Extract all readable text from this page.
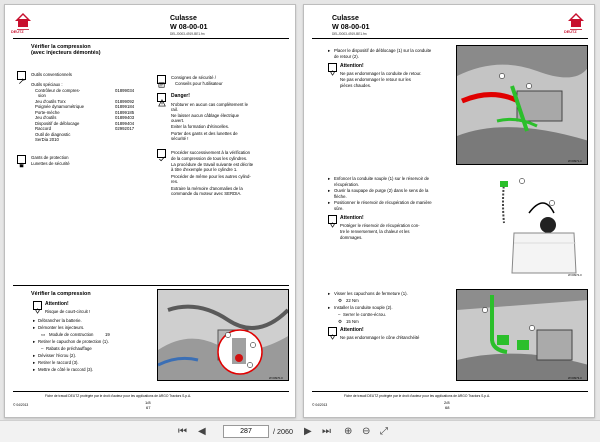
DEUTZ
Culasse
W 08-00-01
DELJ0003-4919-BE1.fm
Vérifier la compression
(avec injecteurs démontés)
Outils conventionnels
Outils spéciaux :
Contrôleur de compres-	01899034
sion
Jeu d'outils Torx	01899092
Poignée dynamométrique	01899184
Porte-mèche	01899185
Jeu d'outils	01899403
Dispositif de déblocage	01899404
Raccord	02992017
Outil de diagnostic
SerDia 2010
Gants de protection
Lunettes de sécurité
Consignes de sécurité /
Conseils pour l'utilisateur
Danger!
N'obturer en aucun cas complètement le
rail.
Ne laisser aucun câblage électrique
ouvert.
Eviter la formation d'étincelles.
Porter des gants et des lunettes de
sécurité !
Procéder successivement à la vérification
de la compression de tous les cylindres.
La procédure de travail suivante est décrite
à titre d'exemple pour le cylindre 1.
Procéder de même pour les autres cylind-
res.
Extraire la mémoire d'anomalies de la
commande du moteur avec SERDIA.
Vérifier la compression
Attention!
Risque de court-circuit !
▸ Débrancher la batterie.
▸ Démonter les injecteurs.
▭ Module de construction	19
▸ Retirer le capuchon de protection (1).
– Rabats de préchauffage
▸ Dévisser l'écrou (2).
▸ Retirer le raccord (3).
▸ Mettre de côté le raccord (3).
W 00970-0
Fiche de travail DEUTZ protégée par le droit d'auteur pour les applications de ARGO Tractors S.p.A.
© 04/2013	1/8
67
Culasse
W 08-00-01
DELJ0003-4919-BE1.fm	DEUTZ
▸ Placer le dispositif de déblocage (1) sur la conduite
de retour (2).
Attention!
Ne pas endommager la conduite de retour.
Ne pas endommager le retour sur les
pièces chaudes.
W 00971-0
▸ Enfoncer la conduite souple (1) sur le réservoir de
récupération.
▸ Ouvrir la soupape de purge (2) dans le sens de la
flèche.
▸ Positionner le réservoir de récupération de manière
sûre.
Attention!
Protéger le réservoir de récupération con-
tre le renversement, la chaleur et les
dommages.
W 00972-0
▸ Visser les capuchons de fermeture (1).
⚙ 22 Nm
▸ Installer la conduite souple (2).
– Serrer le contre-écrou.
⚙ 15 Nm
Attention!
Ne pas endommager le cône d'étanchéité
W 00973-0
Fiche de travail DEUTZ protégée par le droit d'auteur pour les applications de ARGO Tractors S.p.A.
© 04/2013	2/8
68
⏮ ◀	287	/ 2060 ▶ ⏭ ⊕ ⊖ ⤢
